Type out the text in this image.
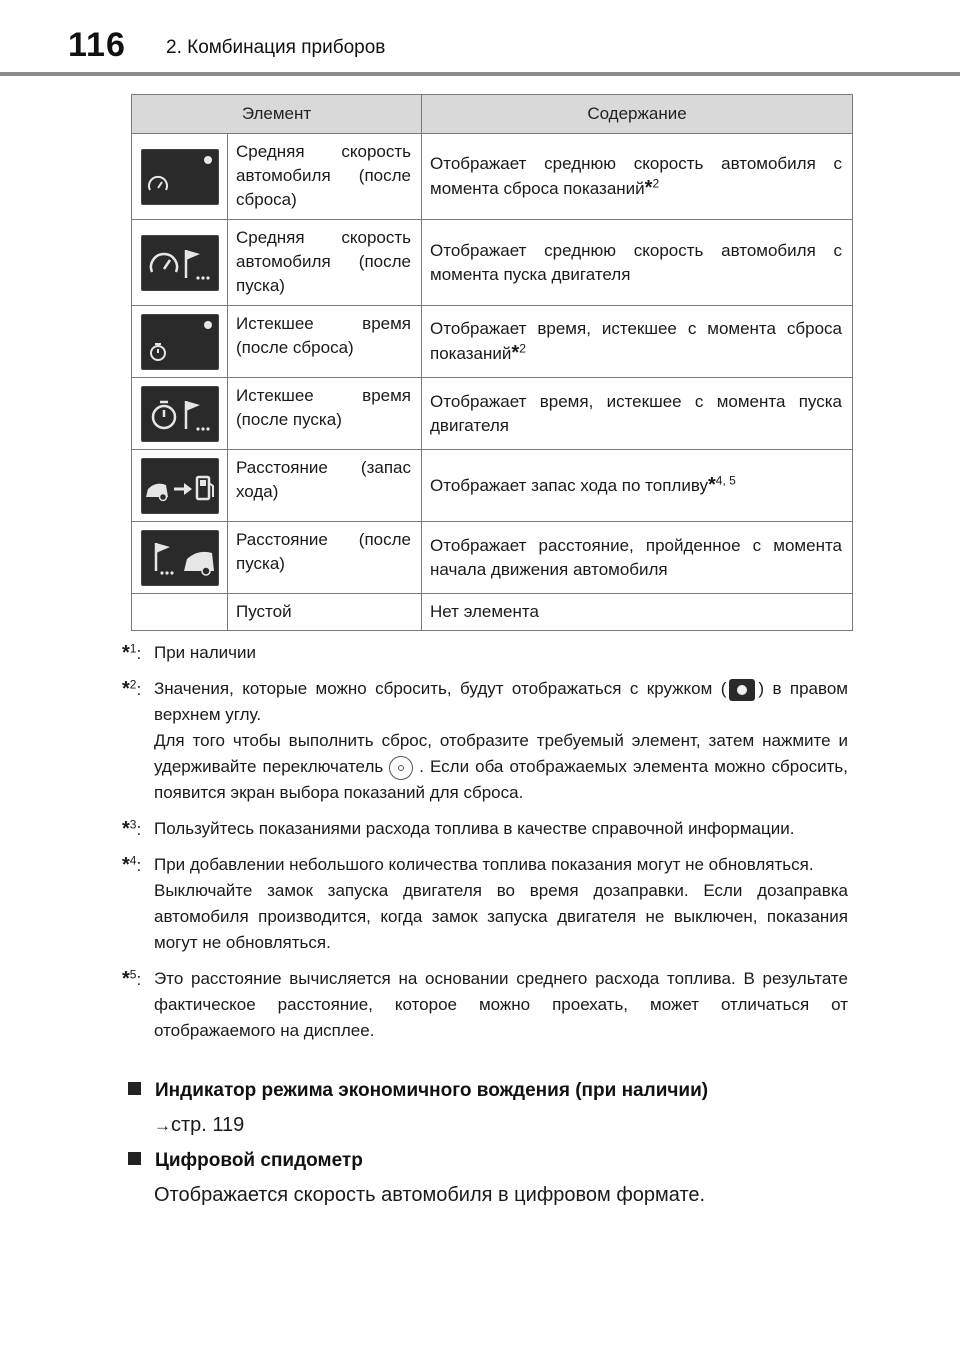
116 2. Комбинация приборов
Элемент		Содержание

	Средняя скорость автомобиля (после сброса)	Отображает среднюю скорость автомобиля с момента сброса показаний*$^2$

	Средняя скорость автомобиля (после пуска)	Отображает среднюю скорость автомобиля с момента пуска двигателя

	Истекшее время (после сброса)	Отображает время, истекшее с момента сброса показаний*$^2$

	Истекшее время (после пуска)	Отображает время, истекшее с момента пуска двигателя

	Расстояние (запас хода)	Отображает запас хода по топливу*$^{4, 5}$

	Расстояние (после пуска)	Отображает расстояние, пройденное с момента начала движения автомобиля
	Пустой	Нет элемента
*$^1$: При наличии
*$^2$: Значения, которые можно сбросить, будут отображаться с кружком ( ) в правом верхнем углу.
Для того чтобы выполнить сброс, отобразите требуемый элемент, затем нажмите и удерживайте переключатель . Если оба отображаемых элемента можно сбросить, появится экран выбора показаний для сброса.
*$^3$: Пользуйтесь показаниями расхода топлива в качестве справочной информации.
*$^4$: При добавлении небольшого количества топлива показания могут не обновляться.
Выключайте замок запуска двигателя во время дозаправки. Если дозаправка автомобиля производится, когда замок запуска двигателя не выключен, показания могут не обновляться.
*$^5$: Это расстояние вычисляется на основании среднего расхода топлива. В результате фактическое расстояние, которое можно проехать, может отличаться от отображаемого на дисплее.
Индикатор режима экономичного вождения (при наличии)
→стр. 119
Цифровой спидометр
Отображается скорость автомобиля в цифровом формате.
